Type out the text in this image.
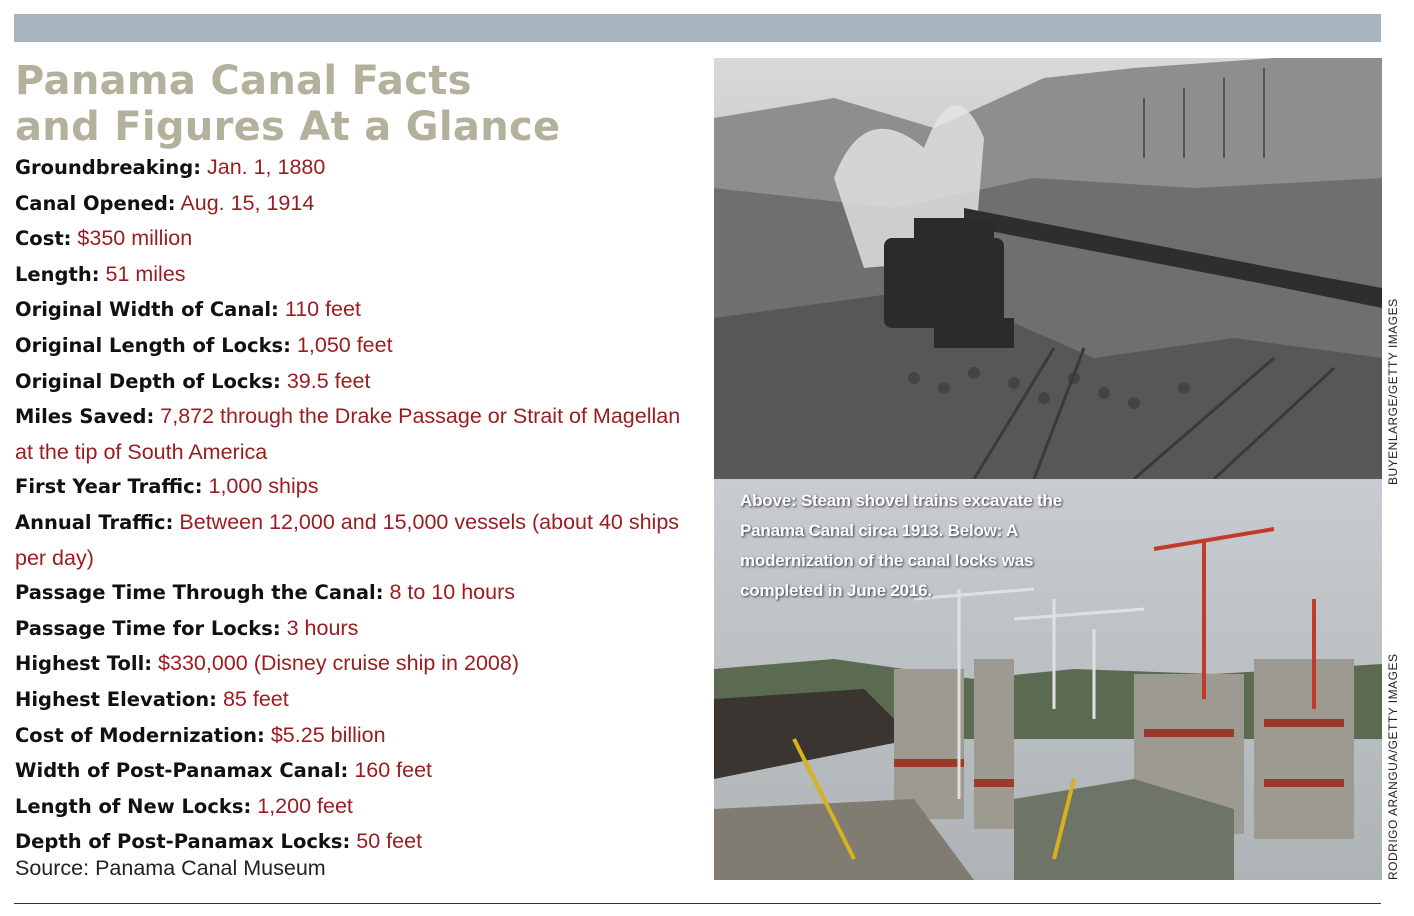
Panama Canal Facts
and Figures At a Glance
Groundbreaking: Jan. 1, 1880
Canal Opened: Aug. 15, 1914
Cost: $350 million
Length: 51 miles
Original Width of Canal: 110 feet
Original Length of Locks: 1,050 feet
Original Depth of Locks: 39.5 feet
Miles Saved: 7,872 through the Drake Passage or Strait of Magellan at the tip of South America
First Year Traffic: 1,000 ships
Annual Traffic: Between 12,000 and 15,000 vessels (about 40 ships per day)
Passage Time Through the Canal: 8 to 10 hours
Passage Time for Locks: 3 hours
Highest Toll: $330,000 (Disney cruise ship in 2008)
Highest Elevation: 85 feet
Cost of Modernization: $5.25 billion
Width of Post-Panamax Canal: 160 feet
Length of New Locks: 1,200 feet
Depth of Post-Panamax Locks: 50 feet
Source: Panama Canal Museum
Above: Steam shovel trains excavate the Panama Canal circa 1913. Below: A modernization of the canal locks was completed in June 2016.
BUYENLARGE/GETTY IMAGES
RODRIGO ARANGUA/GETTY IMAGES
